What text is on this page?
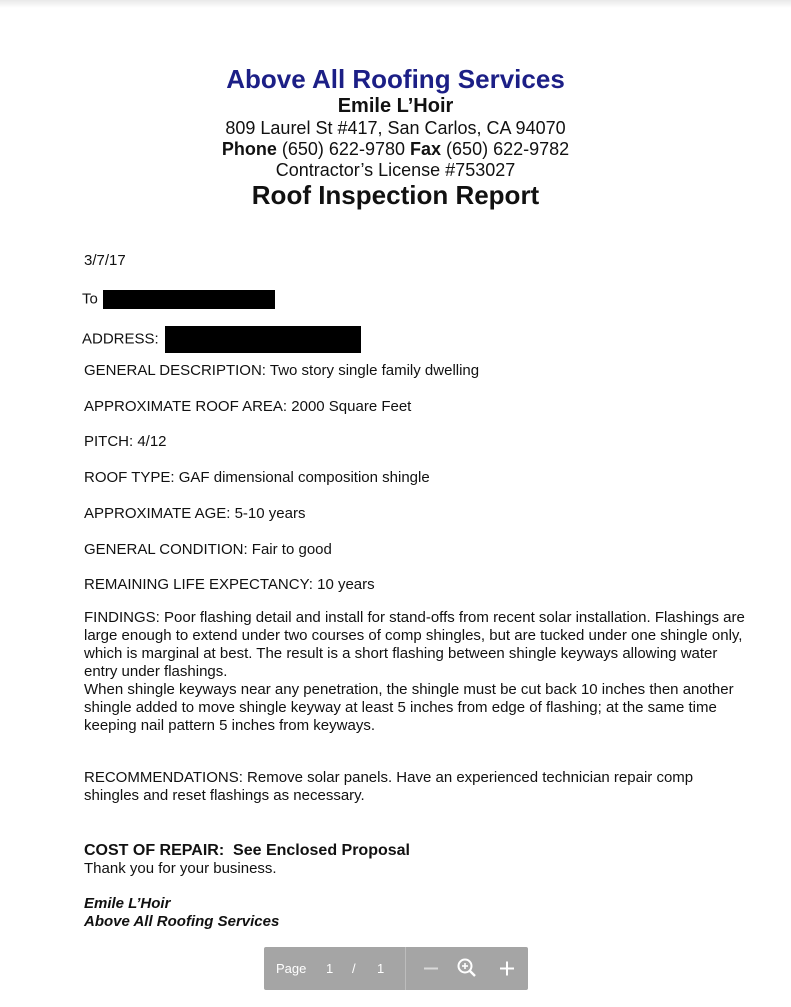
Above All Roofing Services
Emile L’Hoir
809 Laurel St #417, San Carlos, CA 94070
Phone (650) 622-9780 Fax (650) 622-9782
Contractor’s License #753027
Roof Inspection Report
3/7/17
To
ADDRESS:
GENERAL DESCRIPTION: Two story single family dwelling
APPROXIMATE ROOF AREA: 2000 Square Feet
PITCH: 4/12
ROOF TYPE: GAF dimensional composition shingle
APPROXIMATE AGE: 5-10 years
GENERAL CONDITION: Fair to good
REMAINING LIFE EXPECTANCY: 10 years
FINDINGS: Poor flashing detail and install for stand-offs from recent solar installation. Flashings are large enough to extend under two courses of comp shingles, but are tucked under one shingle only, which is marginal at best. The result is a short flashing between shingle keyways allowing water entry under flashings.
When shingle keyways near any penetration, the shingle must be cut back 10 inches then another shingle added to move shingle keyway at least 5 inches from edge of flashing; at the same time keeping nail pattern 5 inches from keyways.
RECOMMENDATIONS: Remove solar panels. Have an experienced technician repair comp shingles and reset flashings as necessary.
COST OF REPAIR:  See Enclosed Proposal
Thank you for your business.
Emile L’Hoir
Above All Roofing Services
Page 1 / 1
